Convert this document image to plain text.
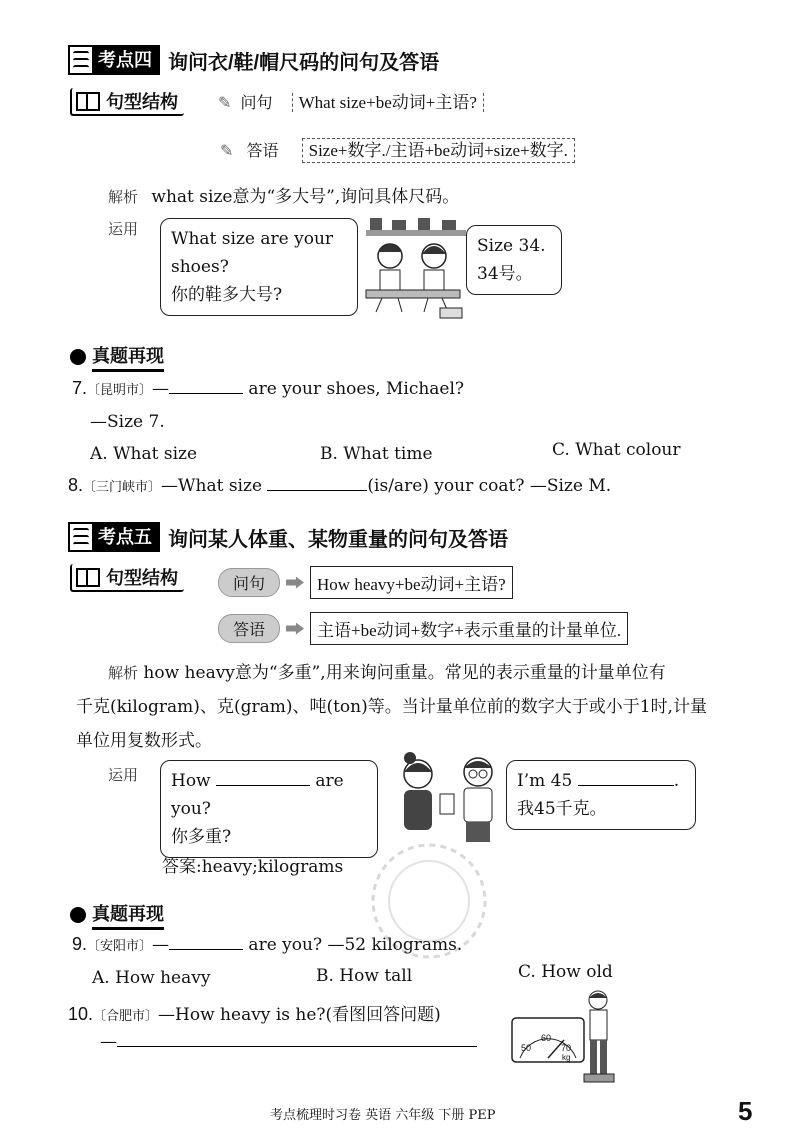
考点四 询问衣/鞋/帽尺码的问句及答语
句型结构	✎ 问句 What size+be动词+主语?
✎ 答语 Size+数字./主语+be动词+size+数字.
解析 what size意为“多大号”,询问具体尺码。
运用 What size are your shoes?
你的鞋多大号?
Size 34.
34号。
真题再现
7.〔昆明市〕—	are your shoes, Michael?
—Size 7.
A. What size	B. What time	C. What colour
8.〔三门峡市〕—What size	(is/are) your coat? —Size M.
考点五 询问某人体重、某物重量的问句及答语
句型结构	问句	How heavy+be动词+主语?
答语	主语+be动词+数字+表示重量的计量单位.
解析 how heavy意为“多重”,用来询问重量。常见的表示重量的计量单位有
千克(kilogram)、克(gram)、吨(ton)等。当计量单位前的数字大于或小于1时,计量
单位用复数形式。
运用 How	are you?
你多重?
I’m 45	.
我45千克。
答案:heavy;kilograms
真题再现
9.〔安阳市〕—	are you? —52 kilograms.
A. How heavy	B. How tall	C. How old
10.〔合肥市〕—How heavy is he?(看图回答问题)
—	50
60
70
kg
考点梳理时习卷 英语 六年级 下册 PEP	5
